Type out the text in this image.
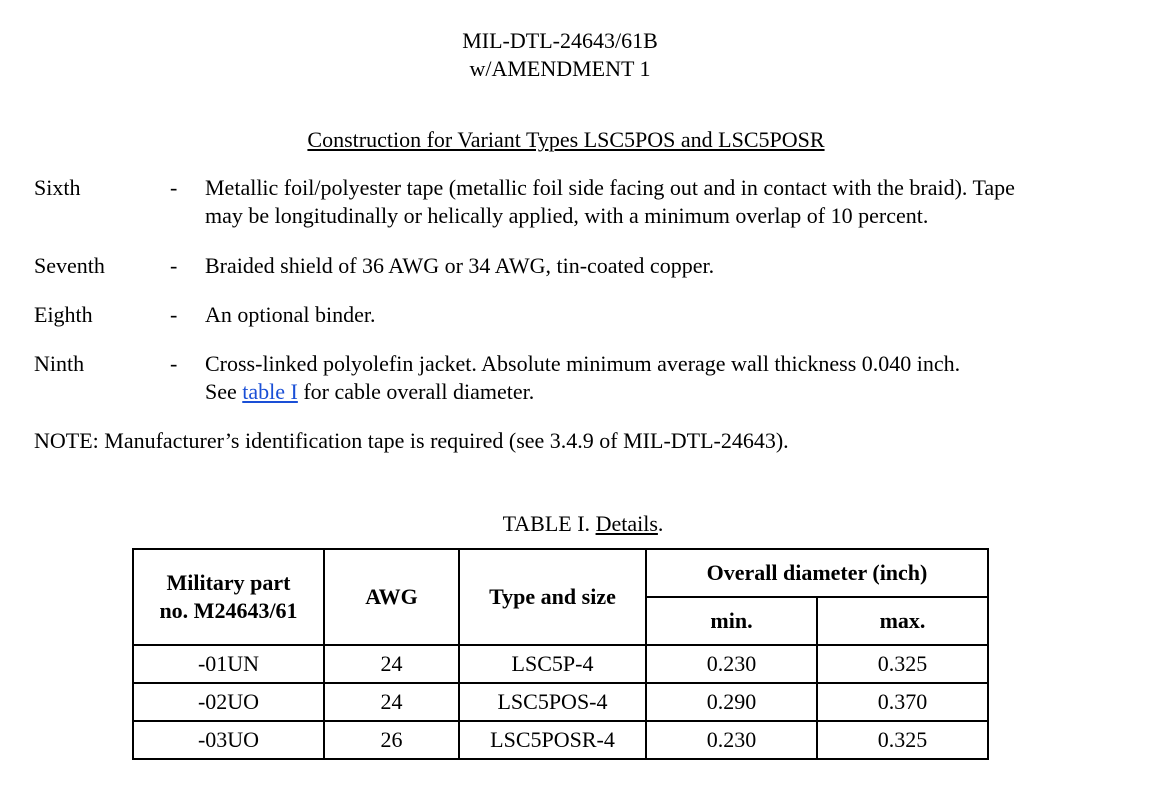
MIL-DTL-24643/61B
w/AMENDMENT 1
Construction for Variant Types LSC5POS and LSC5POSR
Sixth	- Metallic foil/polyester tape (metallic foil side facing out and in contact with the braid). Tape
may be longitudinally or helically applied, with a minimum overlap of 10 percent.
Seventh	- Braided shield of 36 AWG or 34 AWG, tin-coated copper.
Eighth	- An optional binder.
Ninth	- Cross-linked polyolefin jacket. Absolute minimum average wall thickness 0.040 inch.
See table I for cable overall diameter.
NOTE: Manufacturer’s identification tape is required (see 3.4.9 of MIL-DTL-24643).
TABLE I. Details.
Military part
no. M24643/61	AWG	Type and size	Overall diameter (inch)	
			min.	max.
-01UN	24	LSC5P-4	0.230	0.325
-02UO	24	LSC5POS-4	0.290	0.370
-03UO	26	LSC5POSR-4	0.230	0.325
